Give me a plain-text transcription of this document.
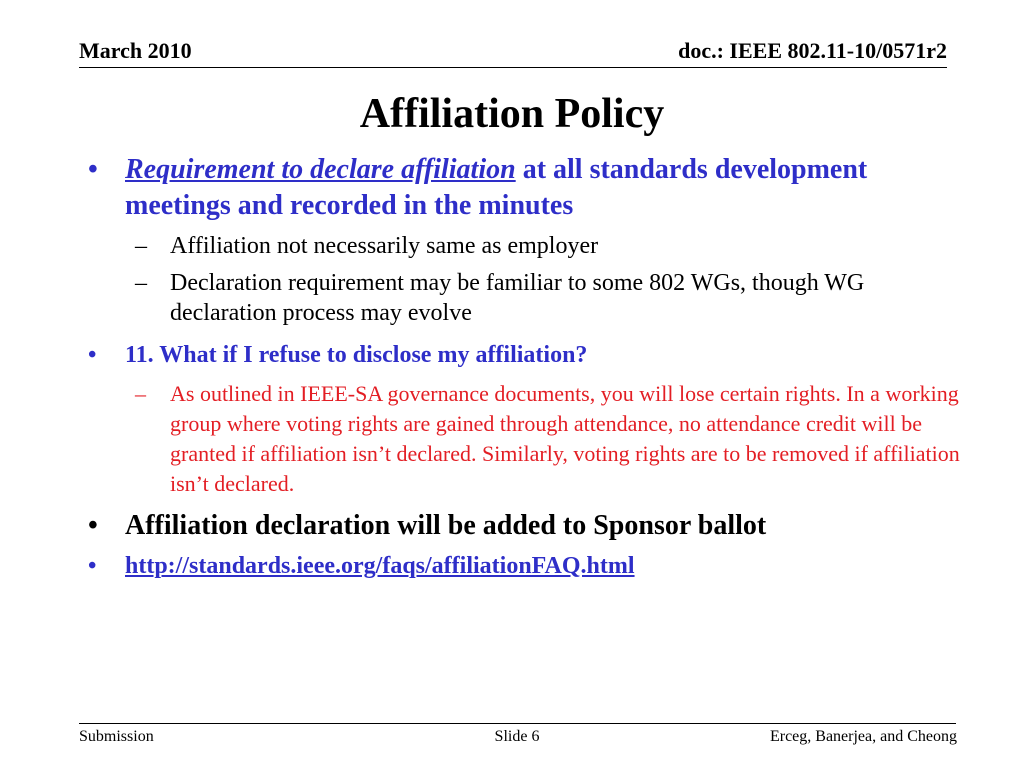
March 2010	doc.: IEEE 802.11-10/0571r2
Affiliation Policy
• Requirement to declare affiliation at all standards development meetings and recorded in the minutes
– Affiliation not necessarily same as employer
– Declaration requirement may be familiar to some 802 WGs, though WG declaration process may evolve
•	11. What if I refuse to disclose my affiliation?
–	As outlined in IEEE-SA governance documents, you will lose certain rights. In a working group where voting rights are gained through attendance, no attendance credit will be granted if affiliation isn’t declared. Similarly, voting rights are to be removed if affiliation isn’t declared.
• Affiliation declaration will be added to Sponsor ballot
•	http://standards.ieee.org/faqs/affiliationFAQ.html
Submission	Slide 6	Erceg, Banerjea, and Cheong
